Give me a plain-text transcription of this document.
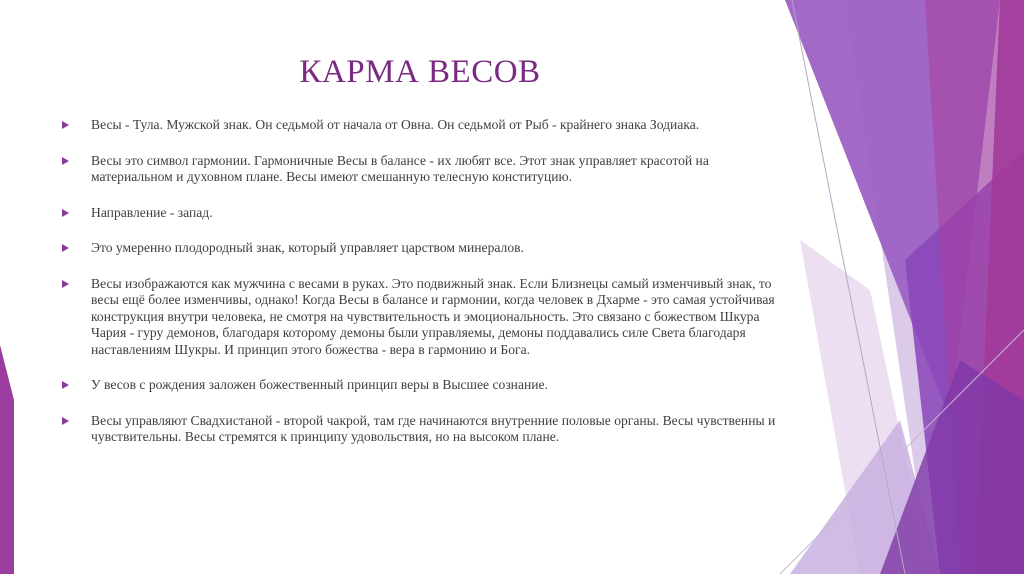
КАРМА ВЕСОВ
Весы - Тула. Мужской знак. Он седьмой от начала от Овна. Он седьмой от Рыб - крайнего знака Зодиака.
Весы это символ гармонии. Гармоничные Весы в балансе - их любят все. Этот знак управляет красотой на материальном и духовном плане. Весы имеют смешанную телесную конституцию.
Направление - запад.
Это умеренно плодородный знак, который управляет царством минералов.
Весы изображаются как мужчина с весами в руках. Это подвижный знак. Если Близнецы самый изменчивый знак, то весы ещё более изменчивы, однако! Когда Весы в балансе и гармонии, когда человек в Дхарме - это самая устойчивая конструкция внутри человека, не смотря на чувствительность и эмоциональность. Это связано с божеством Шкура Чария - гуру демонов, благодаря которому демоны были управляемы, демоны поддавались силе Света благодаря наставлениям Шукры. И принцип этого божества - вера в гармонию и Бога.
У весов с рождения заложен божественный принцип веры в Высшее сознание.
Весы управляют Свадхистаной - второй чакрой, там где начинаются внутренние половые органы. Весы чувственны и чувствительны. Весы стремятся к принципу удовольствия, но на высоком плане.
